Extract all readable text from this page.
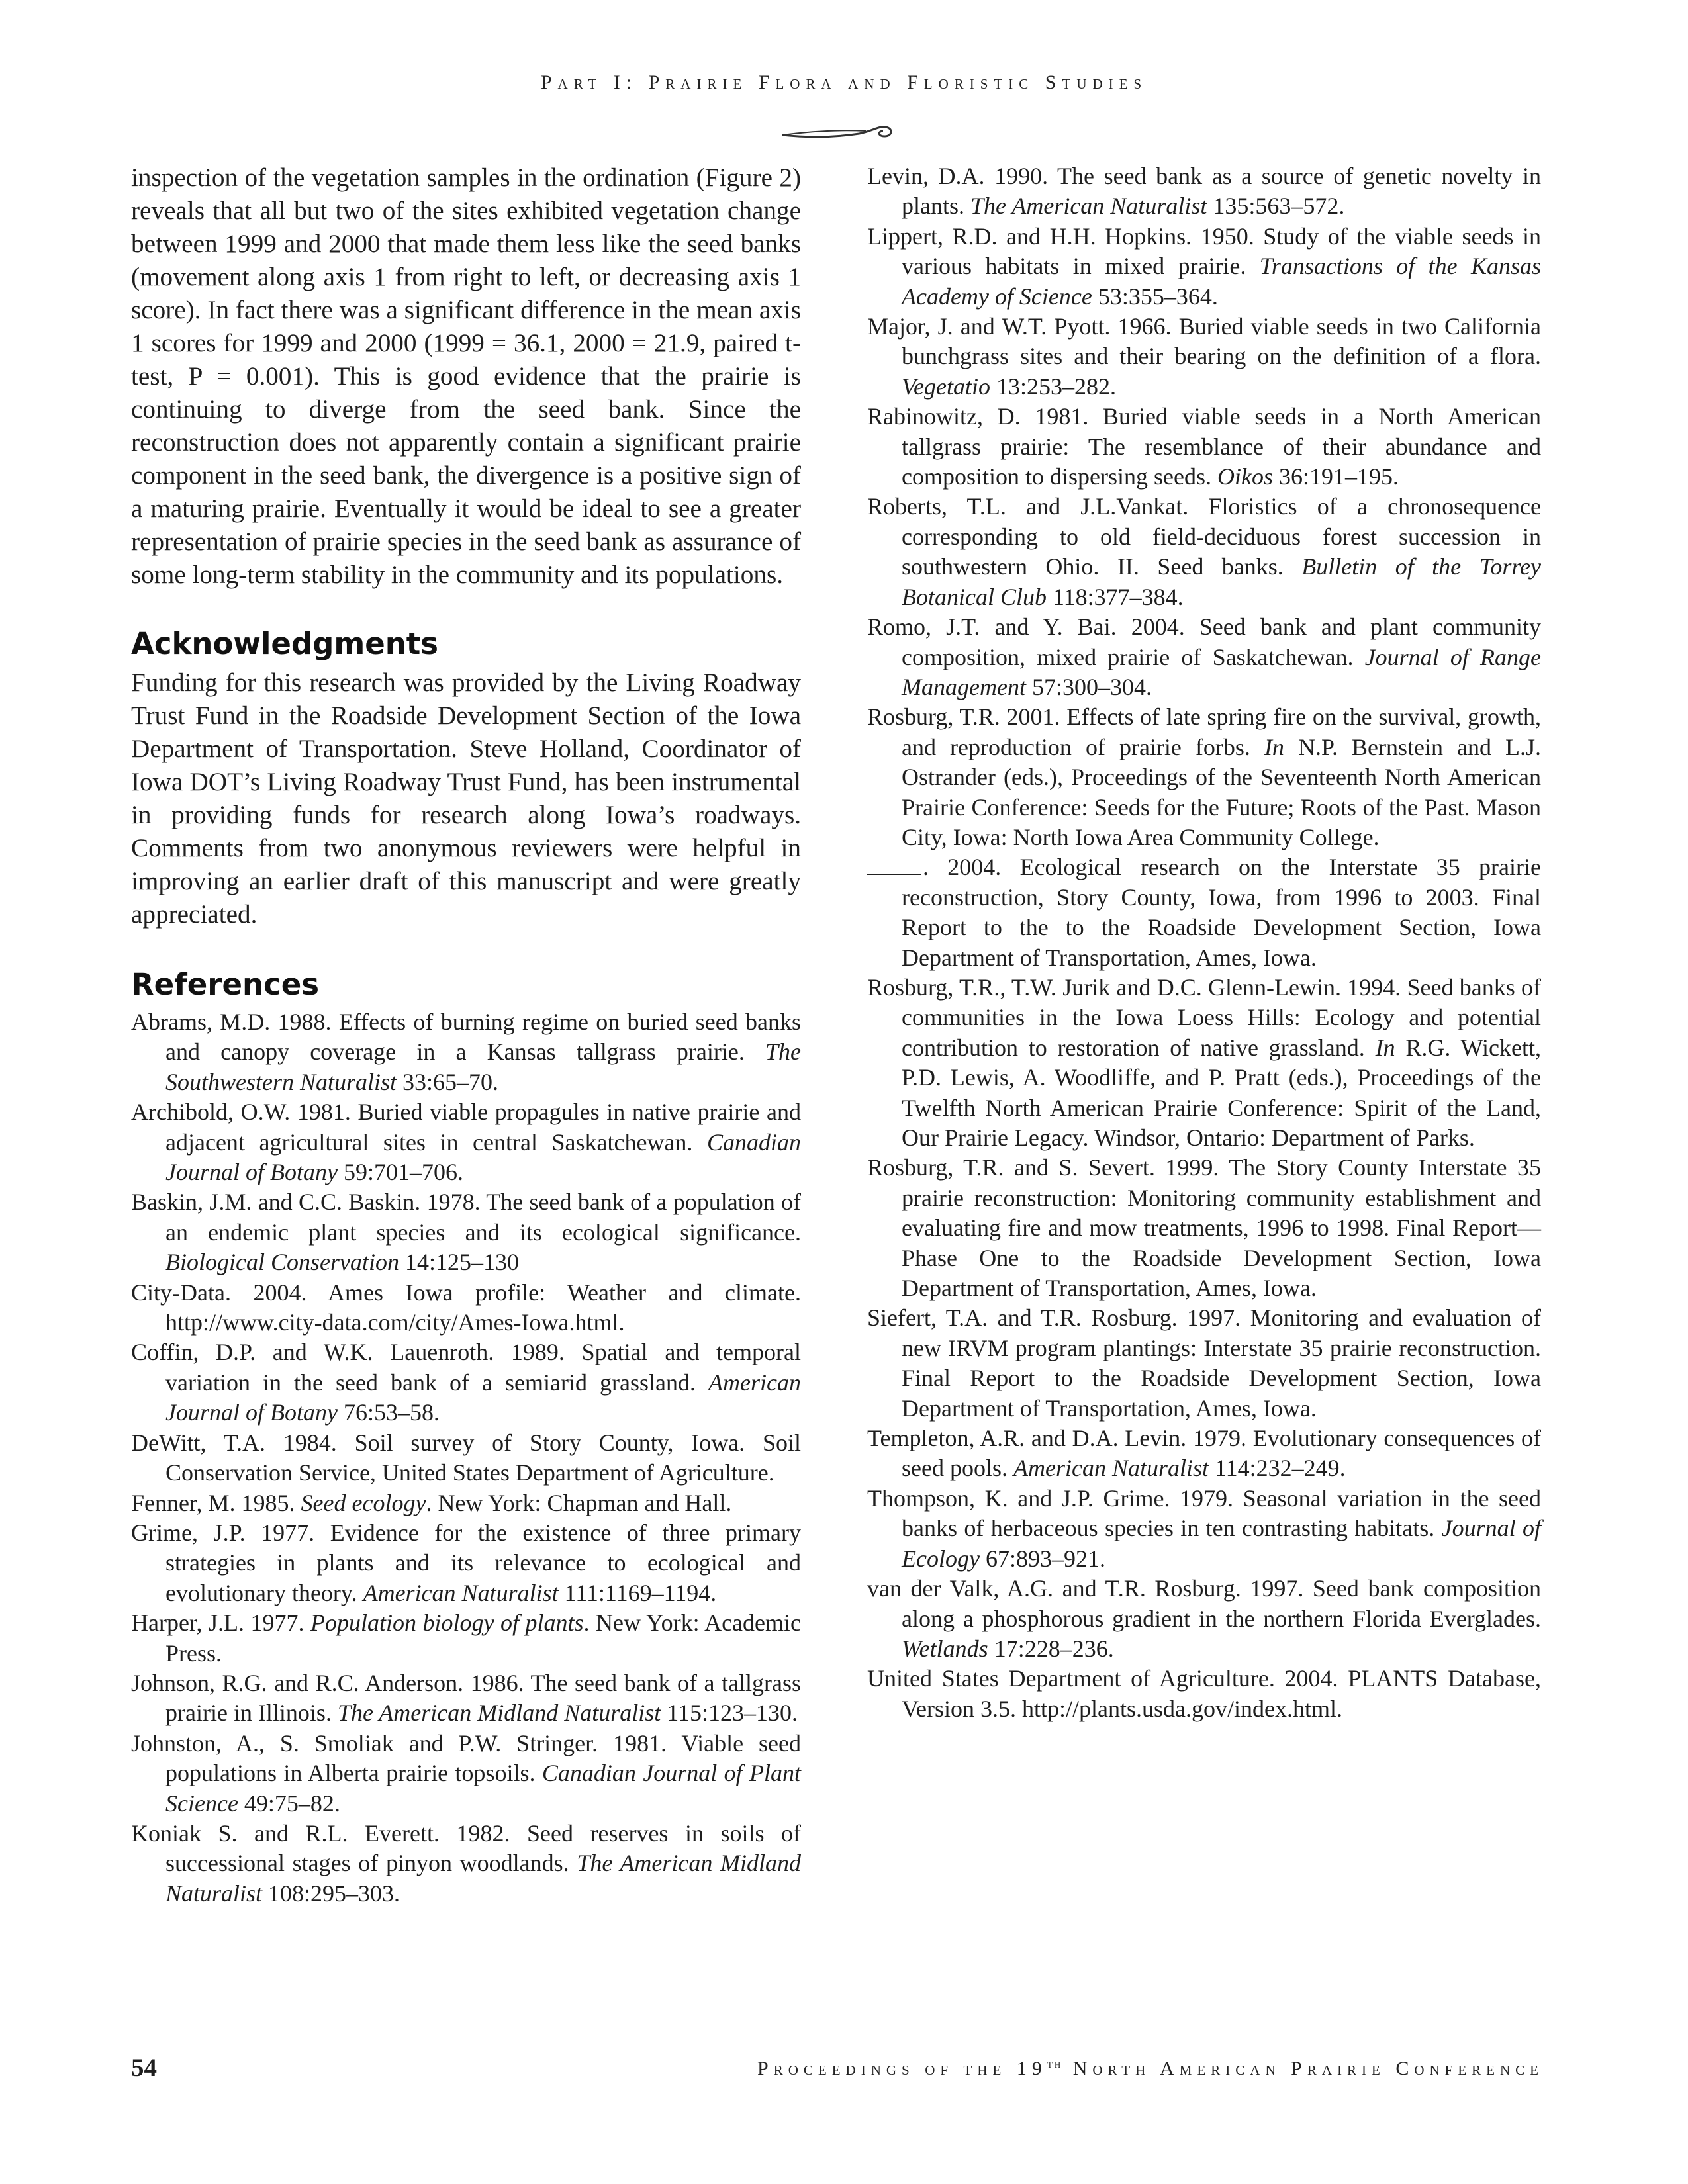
Part I: Prairie Flora and Floristic Studies

inspection of the vegetation samples in the ordination (Figure 2) reveals that all but two of the sites exhibited vegetation change between 1999 and 2000 that made them less like the seed banks (movement along axis 1 from right to left, or decreasing axis 1 score). In fact there was a significant difference in the mean axis 1 scores for 1999 and 2000 (1999 = 36.1, 2000 = 21.9, paired t-test, P = 0.001). This is good evidence that the prairie is continuing to diverge from the seed bank. Since the reconstruction does not apparently contain a significant prairie component in the seed bank, the divergence is a positive sign of a maturing prairie. Eventually it would be ideal to see a greater representation of prairie species in the seed bank as assurance of some long-term stability in the community and its populations.

Acknowledgments

Funding for this research was provided by the Living Roadway Trust Fund in the Roadside Development Section of the Iowa Department of Transportation. Steve Holland, Coordinator of Iowa DOT’s Living Roadway Trust Fund, has been instrumental in providing funds for research along Iowa’s roadways. Comments from two anonymous reviewers were helpful in improving an earlier draft of this manuscript and were greatly appreciated.

References

Abrams, M.D. 1988. Effects of burning regime on buried seed banks and canopy coverage in a Kansas tallgrass prairie. The Southwestern Naturalist 33:65–70.

Archibold, O.W. 1981. Buried viable propagules in native prairie and adjacent agricultural sites in central Saskatchewan. Canadian Journal of Botany 59:701–706.

Baskin, J.M. and C.C. Baskin. 1978. The seed bank of a population of an endemic plant species and its ecological significance. Biological Conservation 14:125–130

City-Data. 2004. Ames Iowa profile: Weather and climate. http://www.city-data.com/city/Ames-Iowa.html.

Coffin, D.P. and W.K. Lauenroth. 1989. Spatial and temporal variation in the seed bank of a semiarid grassland. American Journal of Botany 76:53–58.

DeWitt, T.A. 1984. Soil survey of Story County, Iowa. Soil Conservation Service, United States Department of Agriculture.

Fenner, M. 1985. Seed ecology. New York: Chapman and Hall.

Grime, J.P. 1977. Evidence for the existence of three primary strategies in plants and its relevance to ecological and evolutionary theory. American Naturalist 111:1169–1194.

Harper, J.L. 1977. Population biology of plants. New York: Academic Press.

Johnson, R.G. and R.C. Anderson. 1986. The seed bank of a tallgrass prairie in Illinois. The American Midland Naturalist 115:123–130.

Johnston, A., S. Smoliak and P.W. Stringer. 1981. Viable seed populations in Alberta prairie topsoils. Canadian Journal of Plant Science 49:75–82.

Koniak S. and R.L. Everett. 1982. Seed reserves in soils of successional stages of pinyon woodlands. The American Midland Naturalist 108:295–303.

Levin, D.A. 1990. The seed bank as a source of genetic novelty in plants. The American Naturalist 135:563–572.

Lippert, R.D. and H.H. Hopkins. 1950. Study of the viable seeds in various habitats in mixed prairie. Transactions of the Kansas Academy of Science 53:355–364.

Major, J. and W.T. Pyott. 1966. Buried viable seeds in two California bunchgrass sites and their bearing on the definition of a flora. Vegetatio 13:253–282.

Rabinowitz, D. 1981. Buried viable seeds in a North American tallgrass prairie: The resemblance of their abundance and composition to dispersing seeds. Oikos 36:191–195.

Roberts, T.L. and J.L.Vankat. Floristics of a chronosequence corresponding to old field-deciduous forest succession in southwestern Ohio. II. Seed banks. Bulletin of the Torrey Botanical Club 118:377–384.

Romo, J.T. and Y. Bai. 2004. Seed bank and plant community composition, mixed prairie of Saskatchewan. Journal of Range Management 57:300–304.

Rosburg, T.R. 2001. Effects of late spring fire on the survival, growth, and reproduction of prairie forbs. In N.P. Bernstein and L.J. Ostrander (eds.), Proceedings of the Seventeenth North American Prairie Conference: Seeds for the Future; Roots of the Past. Mason City, Iowa: North Iowa Area Community College.

. 2004. Ecological research on the Interstate 35 prairie reconstruction, Story County, Iowa, from 1996 to 2003. Final Report to the to the Roadside Development Section, Iowa Department of Transportation, Ames, Iowa.

Rosburg, T.R., T.W. Jurik and D.C. Glenn-Lewin. 1994. Seed banks of communities in the Iowa Loess Hills: Ecology and potential contribution to restoration of native grassland. In R.G. Wickett, P.D. Lewis, A. Woodliffe, and P. Pratt (eds.), Proceedings of the Twelfth North American Prairie Conference: Spirit of the Land, Our Prairie Legacy. Windsor, Ontario: Department of Parks.

Rosburg, T.R. and S. Severt. 1999. The Story County Interstate 35 prairie reconstruction: Monitoring community establishment and evaluating fire and mow treatments, 1996 to 1998. Final Report—Phase One to the Roadside Development Section, Iowa Department of Transportation, Ames, Iowa.

Siefert, T.A. and T.R. Rosburg. 1997. Monitoring and evaluation of new IRVM program plantings: Interstate 35 prairie reconstruction. Final Report to the Roadside Development Section, Iowa Department of Transportation, Ames, Iowa.

Templeton, A.R. and D.A. Levin. 1979. Evolutionary consequences of seed pools. American Naturalist 114:232–249.

Thompson, K. and J.P. Grime. 1979. Seasonal variation in the seed banks of herbaceous species in ten contrasting habitats. Journal of Ecology 67:893–921.

van der Valk, A.G. and T.R. Rosburg. 1997. Seed bank composition along a phosphorous gradient in the northern Florida Everglades. Wetlands 17:228–236.

United States Department of Agriculture. 2004. PLANTS Database, Version 3.5. http://plants.usda.gov/index.html.

54	Proceedings of the 19th North American Prairie Conference
